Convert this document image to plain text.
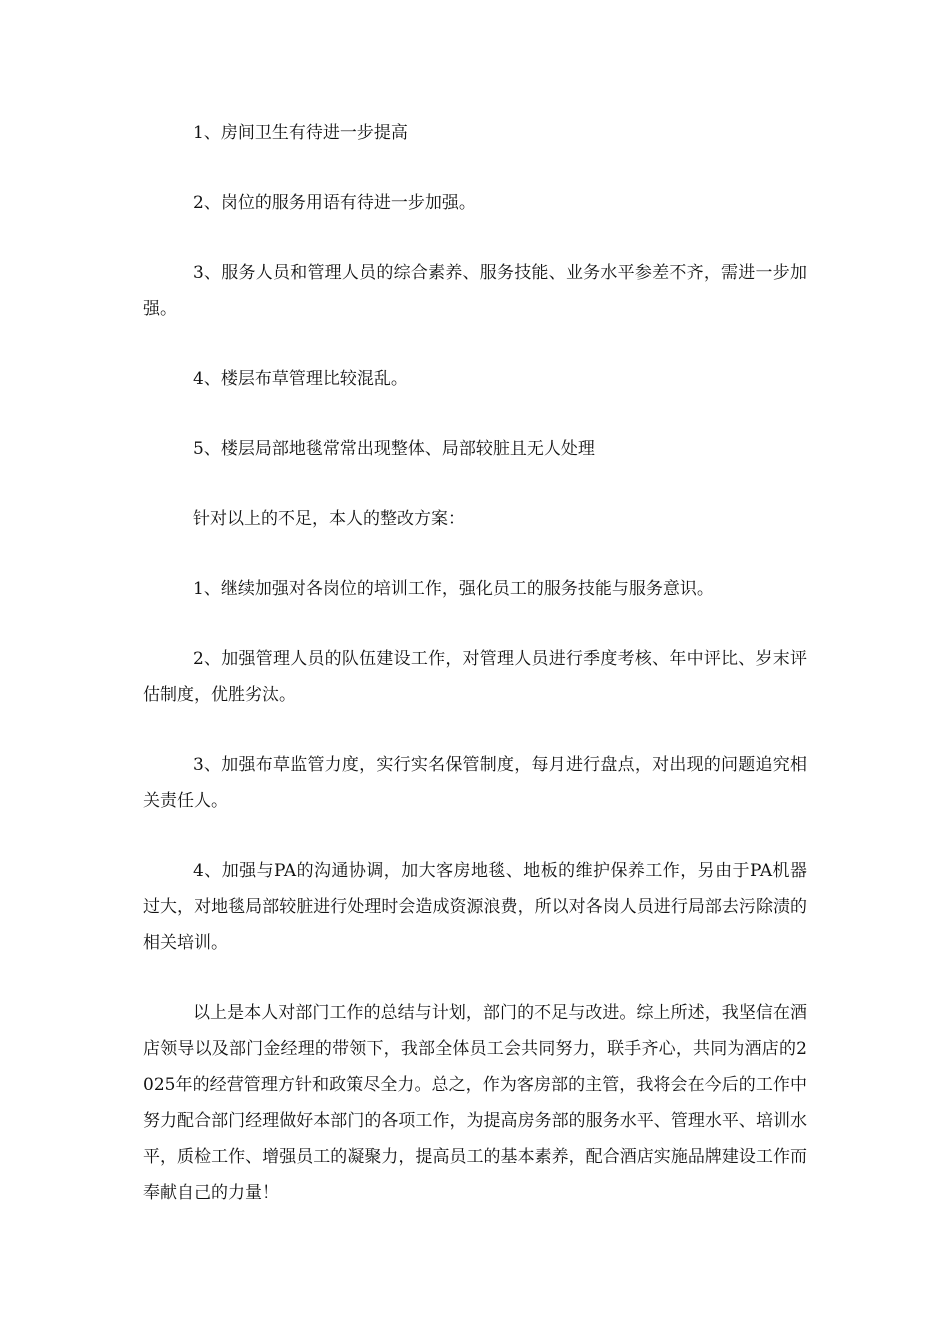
1、房间卫生有待进一步提高

2、岗位的服务用语有待进一步加强。

3、服务人员和管理人员的综合素养、服务技能、业务水平参差不齐，需进一步加强。

4、楼层布草管理比较混乱。

5、楼层局部地毯常常出现整体、局部较脏且无人处理

针对以上的不足，本人的整改方案：

1、继续加强对各岗位的培训工作，强化员工的服务技能与服务意识。

2、加强管理人员的队伍建设工作，对管理人员进行季度考核、年中评比、岁末评估制度，优胜劣汰。

3、加强布草监管力度，实行实名保管制度，每月进行盘点，对出现的问题追究相关责任人。

4、加强与PA的沟通协调，加大客房地毯、地板的维护保养工作，另由于PA机器过大，对地毯局部较脏进行处理时会造成资源浪费，所以对各岗人员进行局部去污除渍的相关培训。

以上是本人对部门工作的总结与计划，部门的不足与改进。综上所述，我坚信在酒店领导以及部门金经理的带领下，我部全体员工会共同努力，联手齐心，共同为酒店的2025年的经营管理方针和政策尽全力。总之，作为客房部的主管，我将会在今后的工作中努力配合部门经理做好本部门的各项工作，为提高房务部的服务水平、管理水平、培训水平，质检工作、增强员工的凝聚力，提高员工的基本素养，配合酒店实施品牌建设工作而奉献自己的力量！
